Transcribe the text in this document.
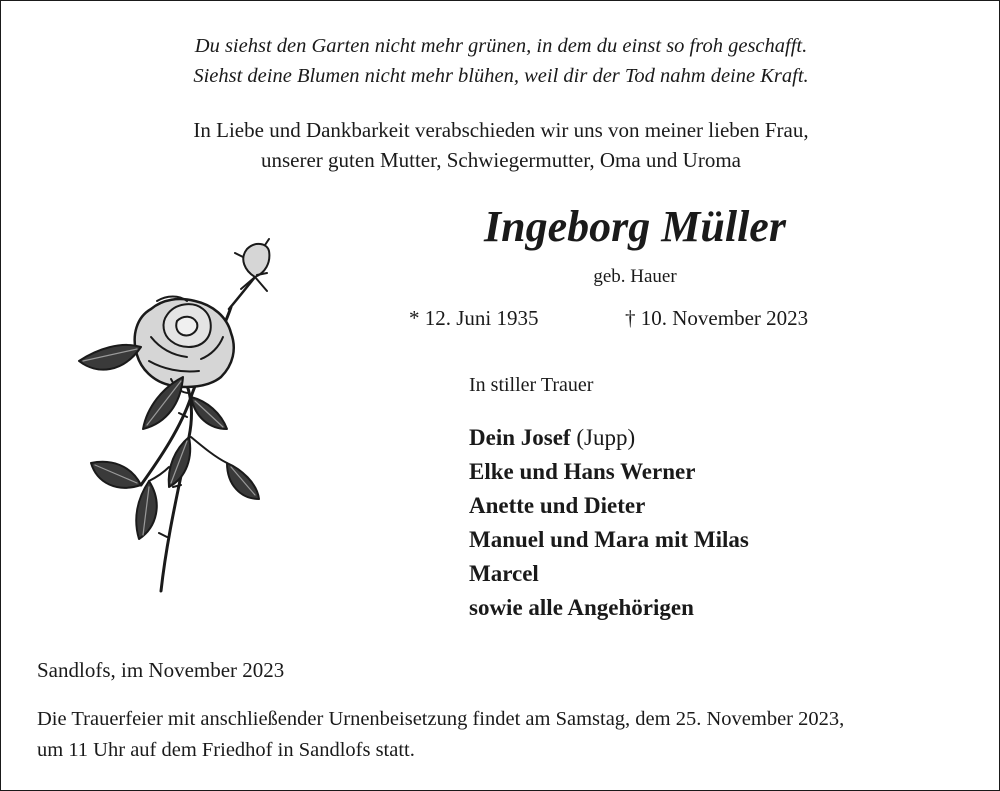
Du siehst den Garten nicht mehr grünen, in dem du einst so froh geschafft.
Siehst deine Blumen nicht mehr blühen, weil dir der Tod nahm deine Kraft.
In Liebe und Dankbarkeit verabschieden wir uns von meiner lieben Frau,
unserer guten Mutter, Schwiegermutter, Oma und Uroma
Ingeborg Müller
geb. Hauer
* 12. Juni 1935	† 10. November 2023
In stiller Trauer
Dein Josef (Jupp)
Elke und Hans Werner
Anette und Dieter
Manuel und Mara mit Milas
Marcel
sowie alle Angehörigen
Sandlofs, im November 2023
Die Trauerfeier mit anschließender Urnenbeisetzung findet am Samstag, dem 25. November 2023,
um 11 Uhr auf dem Friedhof in Sandlofs statt.
